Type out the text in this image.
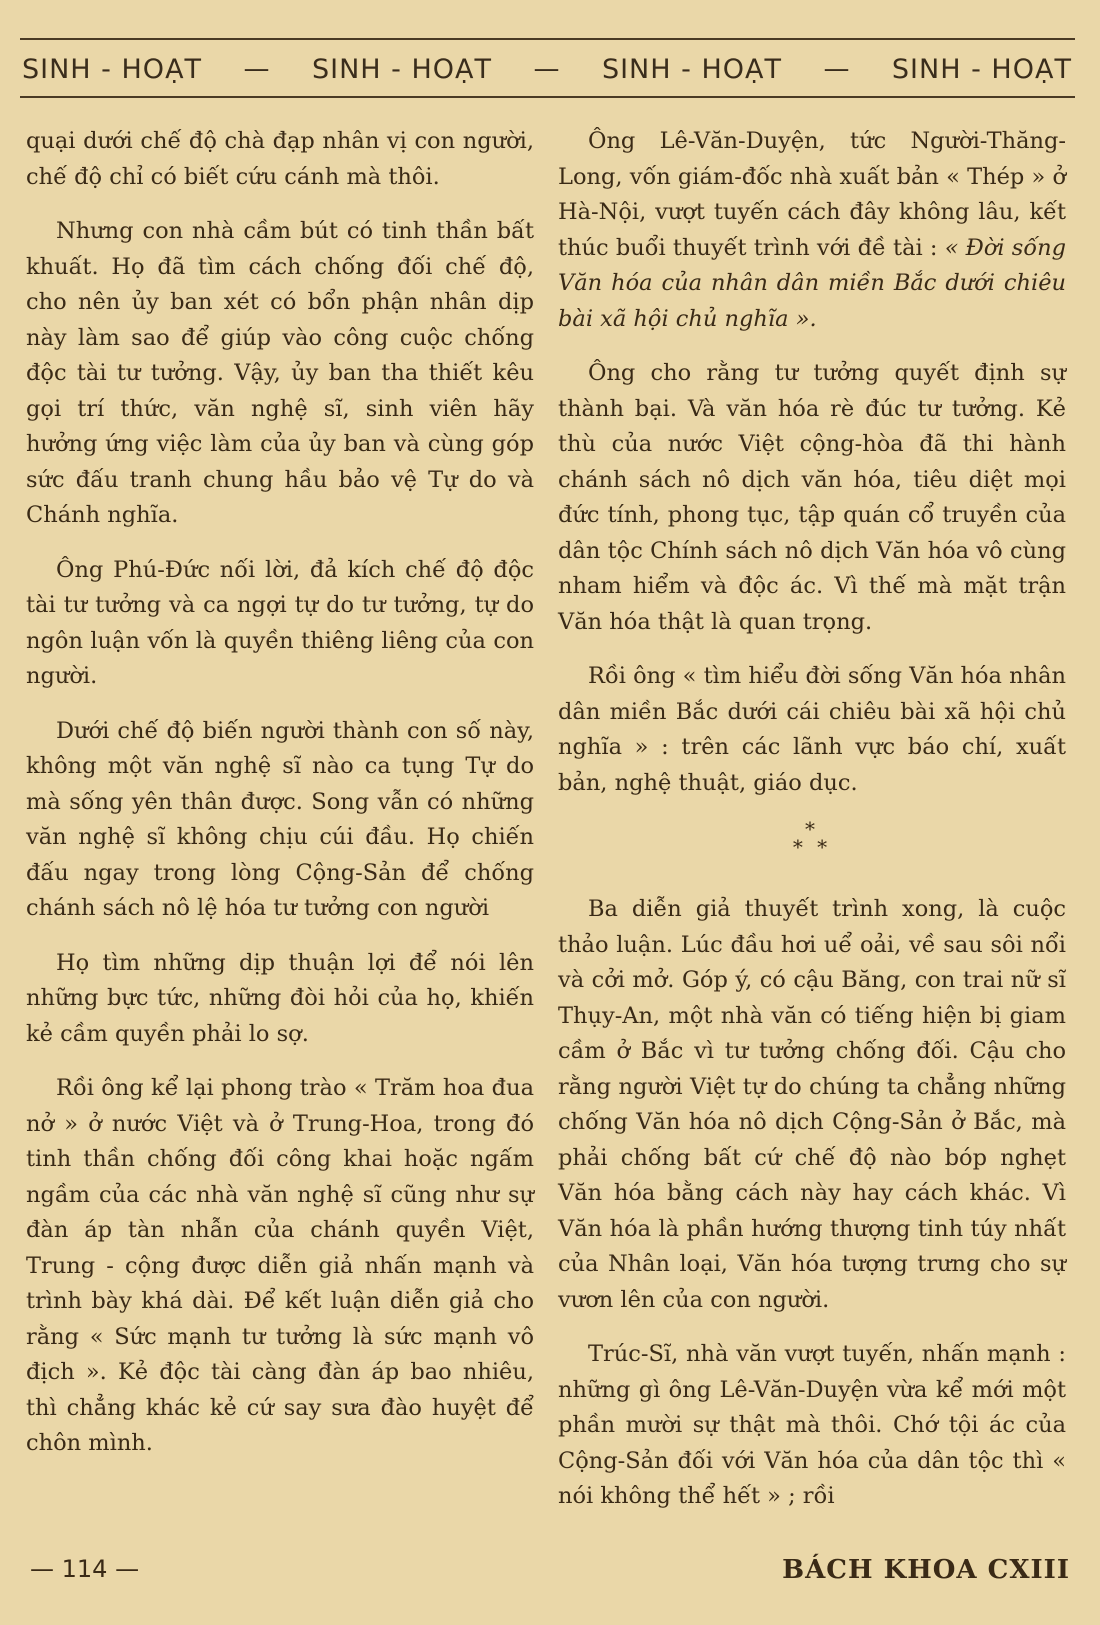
SINH - HOẠT — SINH - HOẠT — SINH - HOẠT — SINH - HOẠT

quại dưới chế độ chà đạp nhân vị con người, chế độ chỉ có biết cứu cánh mà thôi.

Nhưng con nhà cầm bút có tinh thần bất khuất. Họ đã tìm cách chống đối chế độ, cho nên ủy ban xét có bổn phận nhân dịp này làm sao để giúp vào công cuộc chống độc tài tư tưởng. Vậy, ủy ban tha thiết kêu gọi trí thức, văn nghệ sĩ, sinh viên hãy hưởng ứng việc làm của ủy ban và cùng góp sức đấu tranh chung hầu bảo vệ Tự do và Chánh nghĩa.

Ông Phú-Đức nối lời, đả kích chế độ độc tài tư tưởng và ca ngợi tự do tư tưởng, tự do ngôn luận vốn là quyền thiêng liêng của con người.

Dưới chế độ biến người thành con số này, không một văn nghệ sĩ nào ca tụng Tự do mà sống yên thân được. Song vẫn có những văn nghệ sĩ không chịu cúi đầu. Họ chiến đấu ngay trong lòng Cộng-Sản để chống chánh sách nô lệ hóa tư tưởng con người

Họ tìm những dịp thuận lợi để nói lên những bực tức, những đòi hỏi của họ, khiến kẻ cầm quyền phải lo sợ.

Rồi ông kể lại phong trào « Trăm hoa đua nở » ở nước Việt và ở Trung-Hoa, trong đó tinh thần chống đối công khai hoặc ngấm ngầm của các nhà văn nghệ sĩ cũng như sự đàn áp tàn nhẫn của chánh quyền Việt, Trung - cộng được diễn giả nhấn mạnh và trình bày khá dài. Để kết luận diễn giả cho rằng « Sức mạnh tư tưởng là sức mạnh vô địch ». Kẻ độc tài càng đàn áp bao nhiêu, thì chẳng khác kẻ cứ say sưa đào huyệt để chôn mình.

Ông Lê-Văn-Duyện, tức Người-Thăng-Long, vốn giám-đốc nhà xuất bản « Thép » ở Hà-Nội, vượt tuyến cách đây không lâu, kết thúc buổi thuyết trình với đề tài : « Đời sống Văn hóa của nhân dân miền Bắc dưới chiêu bài xã hội chủ nghĩa ».

Ông cho rằng tư tưởng quyết định sự thành bại. Và văn hóa rè đúc tư tưởng. Kẻ thù của nước Việt cộng-hòa đã thi hành chánh sách nô dịch văn hóa, tiêu diệt mọi đức tính, phong tục, tập quán cổ truyền của dân tộc Chính sách nô dịch Văn hóa vô cùng nham hiểm và độc ác. Vì thế mà mặt trận Văn hóa thật là quan trọng.

Rồi ông « tìm hiểu đời sống Văn hóa nhân dân miền Bắc dưới cái chiêu bài xã hội chủ nghĩa » : trên các lãnh vực báo chí, xuất bản, nghệ thuật, giáo dục.

*
* *

Ba diễn giả thuyết trình xong, là cuộc thảo luận. Lúc đầu hơi uể oải, về sau sôi nổi và cởi mở. Góp ý, có cậu Băng, con trai nữ sĩ Thụy-An, một nhà văn có tiếng hiện bị giam cầm ở Bắc vì tư tưởng chống đối. Cậu cho rằng người Việt tự do chúng ta chẳng những chống Văn hóa nô dịch Cộng-Sản ở Bắc, mà phải chống bất cứ chế độ nào bóp nghẹt Văn hóa bằng cách này hay cách khác. Vì Văn hóa là phần hướng thượng tinh túy nhất của Nhân loại, Văn hóa tượng trưng cho sự vươn lên của con người.

Trúc-Sĩ, nhà văn vượt tuyến, nhấn mạnh : những gì ông Lê-Văn-Duyện vừa kể mới một phần mười sự thật mà thôi. Chớ tội ác của Cộng-Sản đối với Văn hóa của dân tộc thì « nói không thể hết » ; rồi

— 114 —	BÁCH KHOA CXIII
